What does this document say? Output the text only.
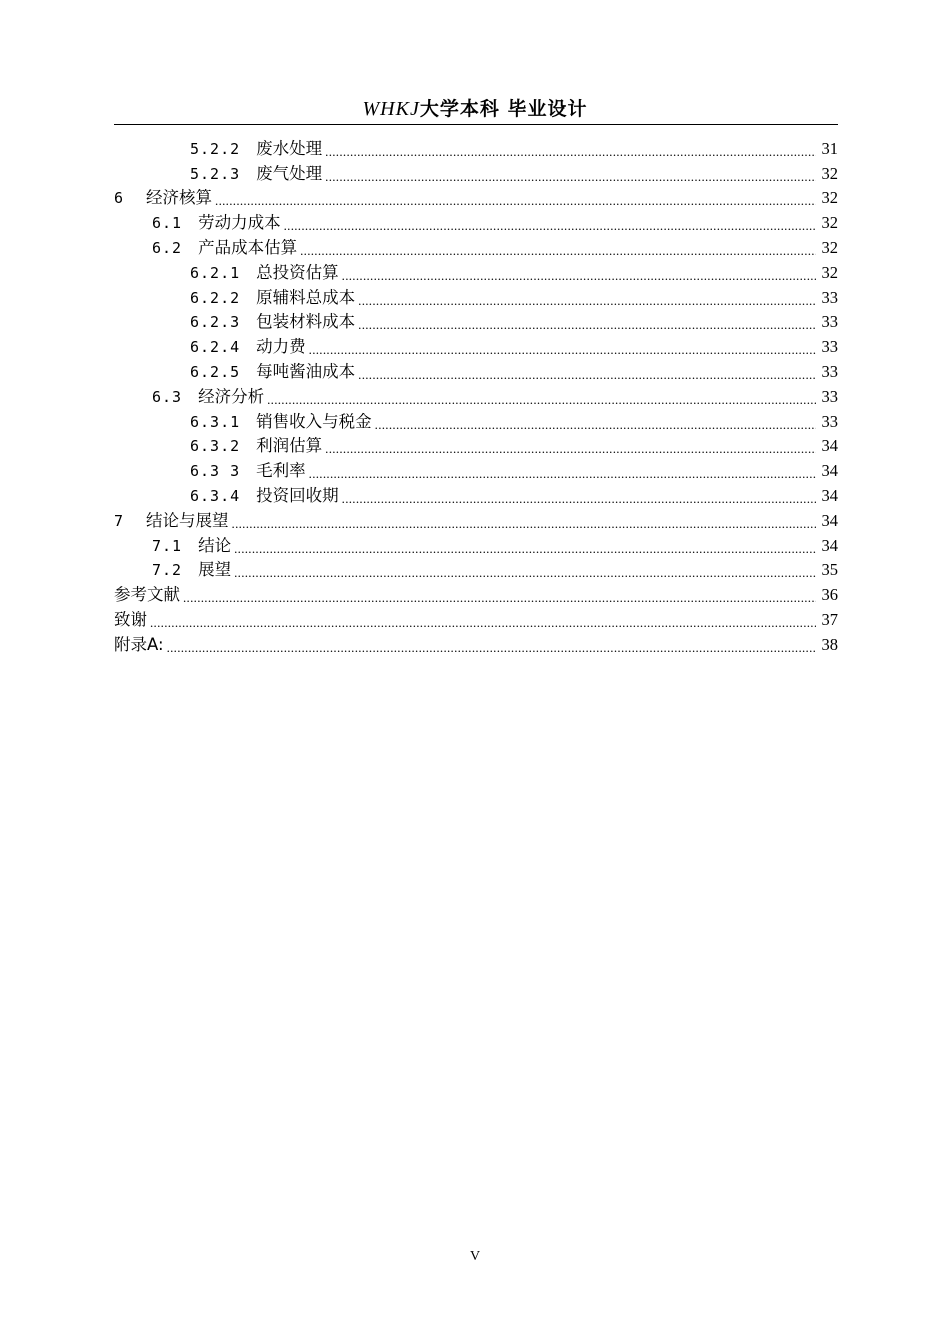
WHKJ大学本科 毕业设计
5.2.2 废水处理 .....	31
5.2.3 废气处理 .....	32
6 经济核算 .....	32
6.1 劳动力成本 .....	32
6.2 产品成本估算 .....	32
6.2.1 总投资估算 .....	32
6.2.2 原辅料总成本 .....	33
6.2.3 包装材料成本 .....	33
6.2.4 动力费 .....	33
6.2.5 每吨酱油成本 .....	33
6.3 经济分析 .....	33
6.3.1 销售收入与税金 .....	33
6.3.2 利润估算 .....	34
6.3 3 毛利率 .....	34
6.3.4 投资回收期 .....	34
7 结论与展望 .....	34
7.1 结论 .....	34
7.2 展望 .....	35
参考文献 .....	36
致谢 .....	37
附录A: .....	38
V
